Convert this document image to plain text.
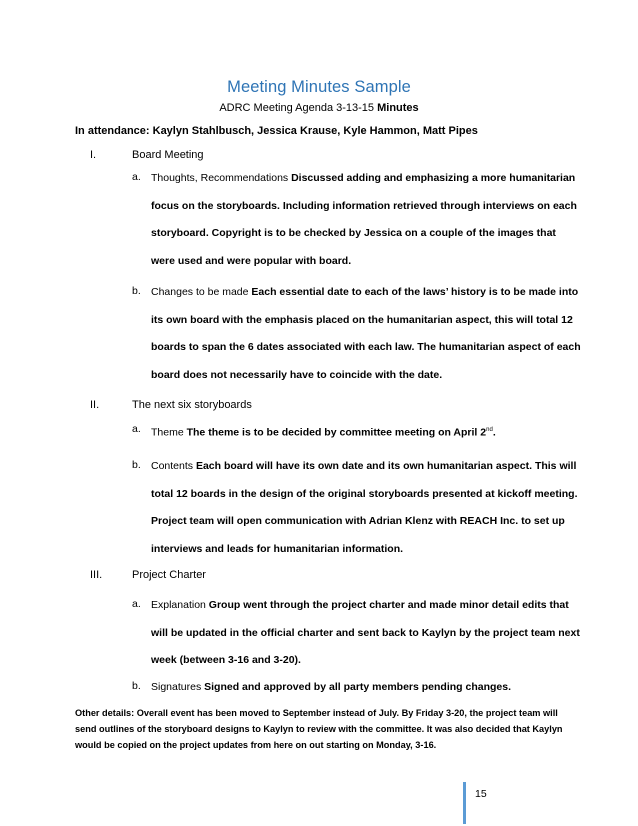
Meeting Minutes Sample
ADRC Meeting Agenda 3-13-15 Minutes
In attendance: Kaylyn Stahlbusch, Jessica Krause, Kyle Hammon, Matt Pipes
I.	Board Meeting
a. Thoughts, Recommendations Discussed adding and emphasizing a more humanitarian focus on the storyboards. Including information retrieved through interviews on each storyboard. Copyright is to be checked by Jessica on a couple of the images that were used and were popular with board.
b. Changes to be made Each essential date to each of the laws’ history is to be made into its own board with the emphasis placed on the humanitarian aspect, this will total 12 boards to span the 6 dates associated with each law. The humanitarian aspect of each board does not necessarily have to coincide with the date.
II.	The next six storyboards
a. Theme The theme is to be decided by committee meeting on April 2nd.
b. Contents Each board will have its own date and its own humanitarian aspect. This will total 12 boards in the design of the original storyboards presented at kickoff meeting. Project team will open communication with Adrian Klenz with REACH Inc. to set up interviews and leads for humanitarian information.
III.	Project Charter
a. Explanation Group went through the project charter and made minor detail edits that will be updated in the official charter and sent back to Kaylyn by the project team next week (between 3-16 and 3-20).
b. Signatures Signed and approved by all party members pending changes.
Other details: Overall event has been moved to September instead of July. By Friday 3-20, the project team will send outlines of the storyboard designs to Kaylyn to review with the committee. It was also decided that Kaylyn would be copied on the project updates from here on out starting on Monday, 3-16.
15
